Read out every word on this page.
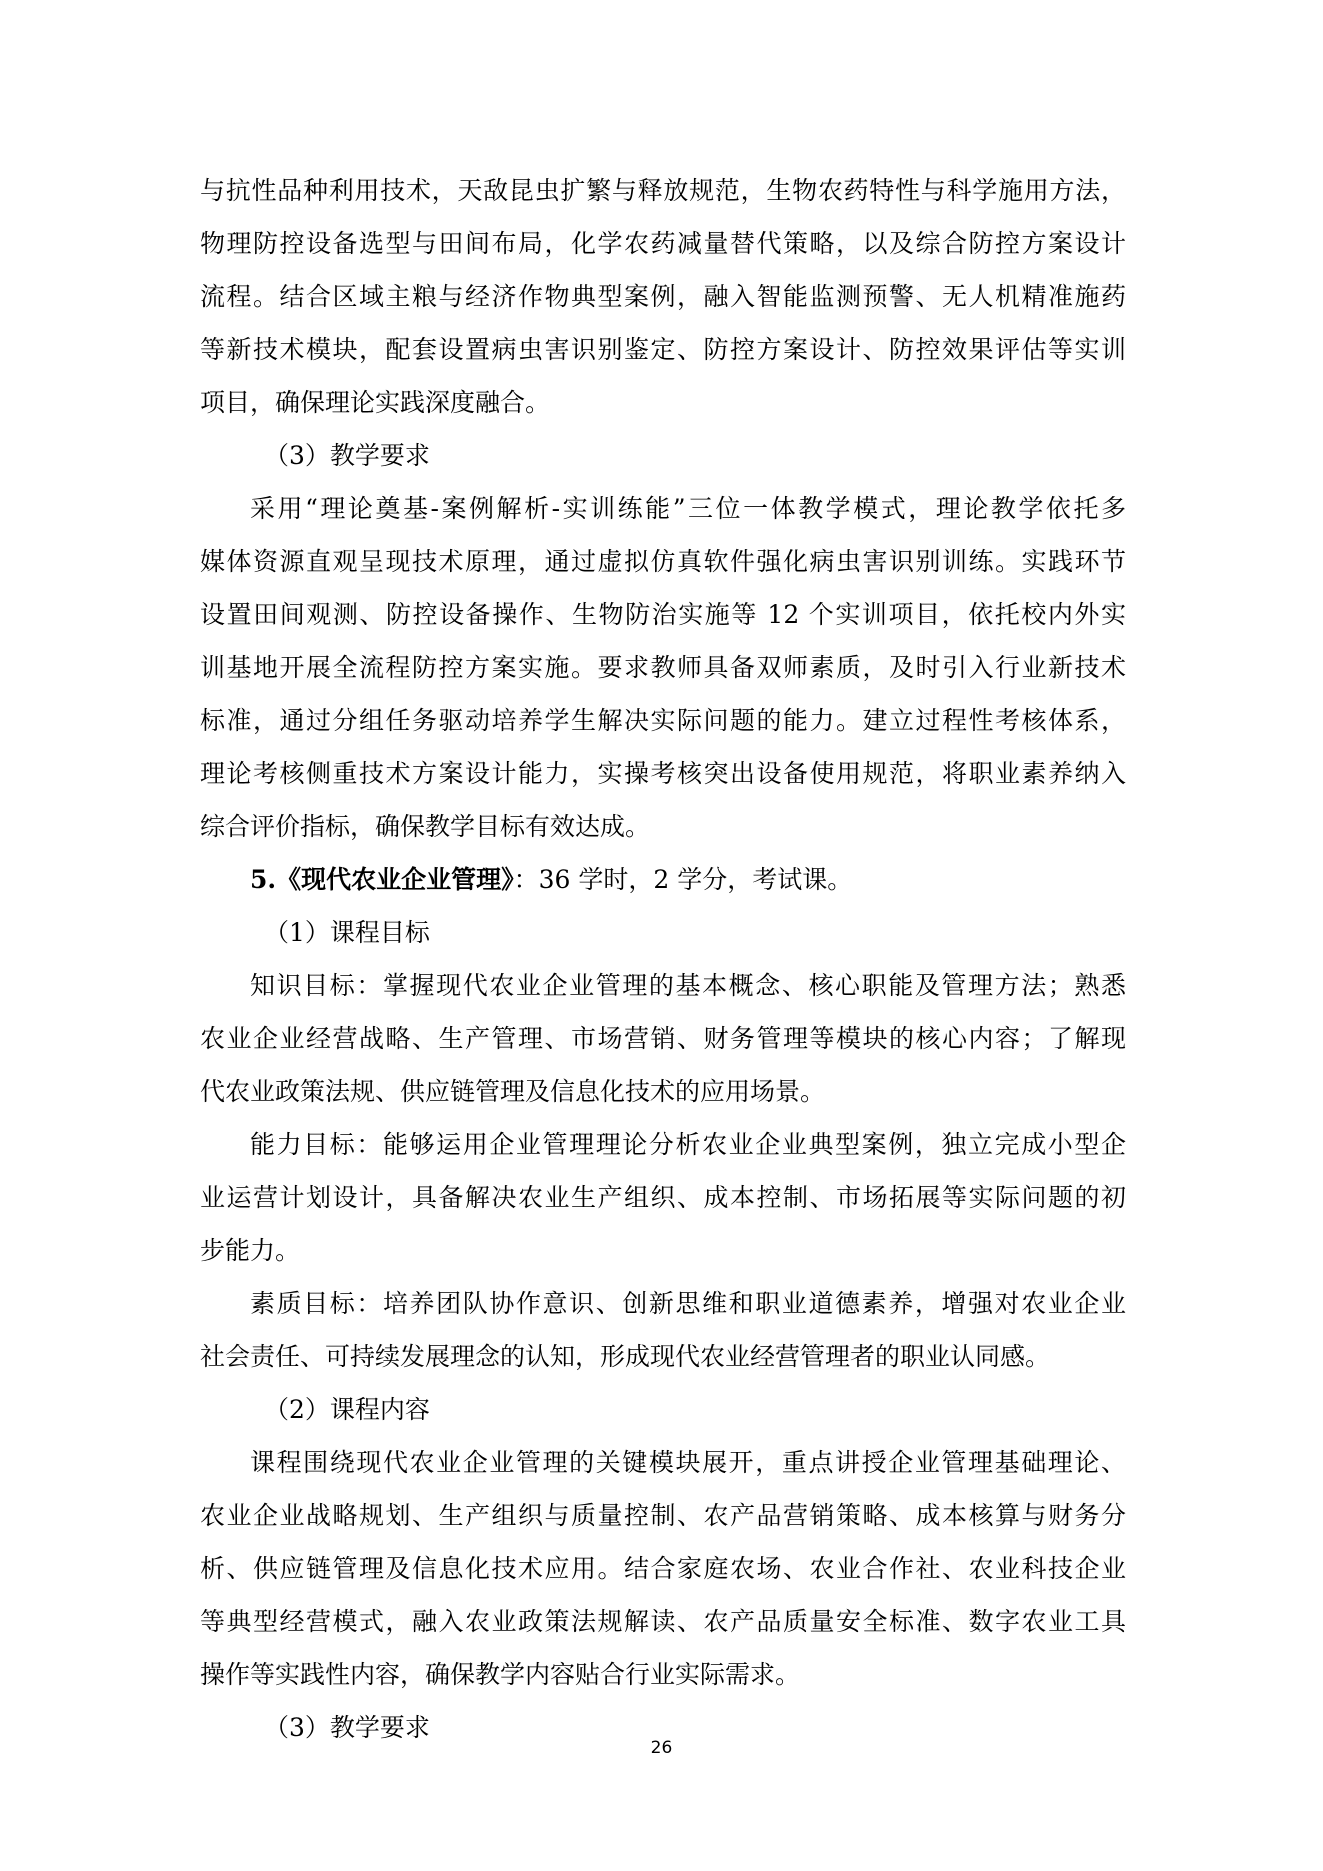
与抗性品种利用技术，天敌昆虫扩繁与释放规范，生物农药特性与科学施用方法，
物理防控设备选型与田间布局，化学农药减量替代策略，以及综合防控方案设计
流程。结合区域主粮与经济作物典型案例，融入智能监测预警、无人机精准施药
等新技术模块，配套设置病虫害识别鉴定、防控方案设计、防控效果评估等实训
项目，确保理论实践深度融合。
（3）教学要求
采用“理论奠基-案例解析-实训练能”三位一体教学模式，理论教学依托多
媒体资源直观呈现技术原理，通过虚拟仿真软件强化病虫害识别训练。实践环节
设置田间观测、防控设备操作、生物防治实施等 12 个实训项目，依托校内外实
训基地开展全流程防控方案实施。要求教师具备双师素质，及时引入行业新技术
标准，通过分组任务驱动培养学生解决实际问题的能力。建立过程性考核体系，
理论考核侧重技术方案设计能力，实操考核突出设备使用规范，将职业素养纳入
综合评价指标，确保教学目标有效达成。
5.《现代农业企业管理》：36 学时，2 学分，考试课。
（1）课程目标
知识目标：掌握现代农业企业管理的基本概念、核心职能及管理方法；熟悉
农业企业经营战略、生产管理、市场营销、财务管理等模块的核心内容；了解现
代农业政策法规、供应链管理及信息化技术的应用场景。
能力目标：能够运用企业管理理论分析农业企业典型案例，独立完成小型企
业运营计划设计，具备解决农业生产组织、成本控制、市场拓展等实际问题的初
步能力。
素质目标：培养团队协作意识、创新思维和职业道德素养，增强对农业企业
社会责任、可持续发展理念的认知，形成现代农业经营管理者的职业认同感。
（2）课程内容
课程围绕现代农业企业管理的关键模块展开，重点讲授企业管理基础理论、
农业企业战略规划、生产组织与质量控制、农产品营销策略、成本核算与财务分
析、供应链管理及信息化技术应用。结合家庭农场、农业合作社、农业科技企业
等典型经营模式，融入农业政策法规解读、农产品质量安全标准、数字农业工具
操作等实践性内容，确保教学内容贴合行业实际需求。
（3）教学要求
26
